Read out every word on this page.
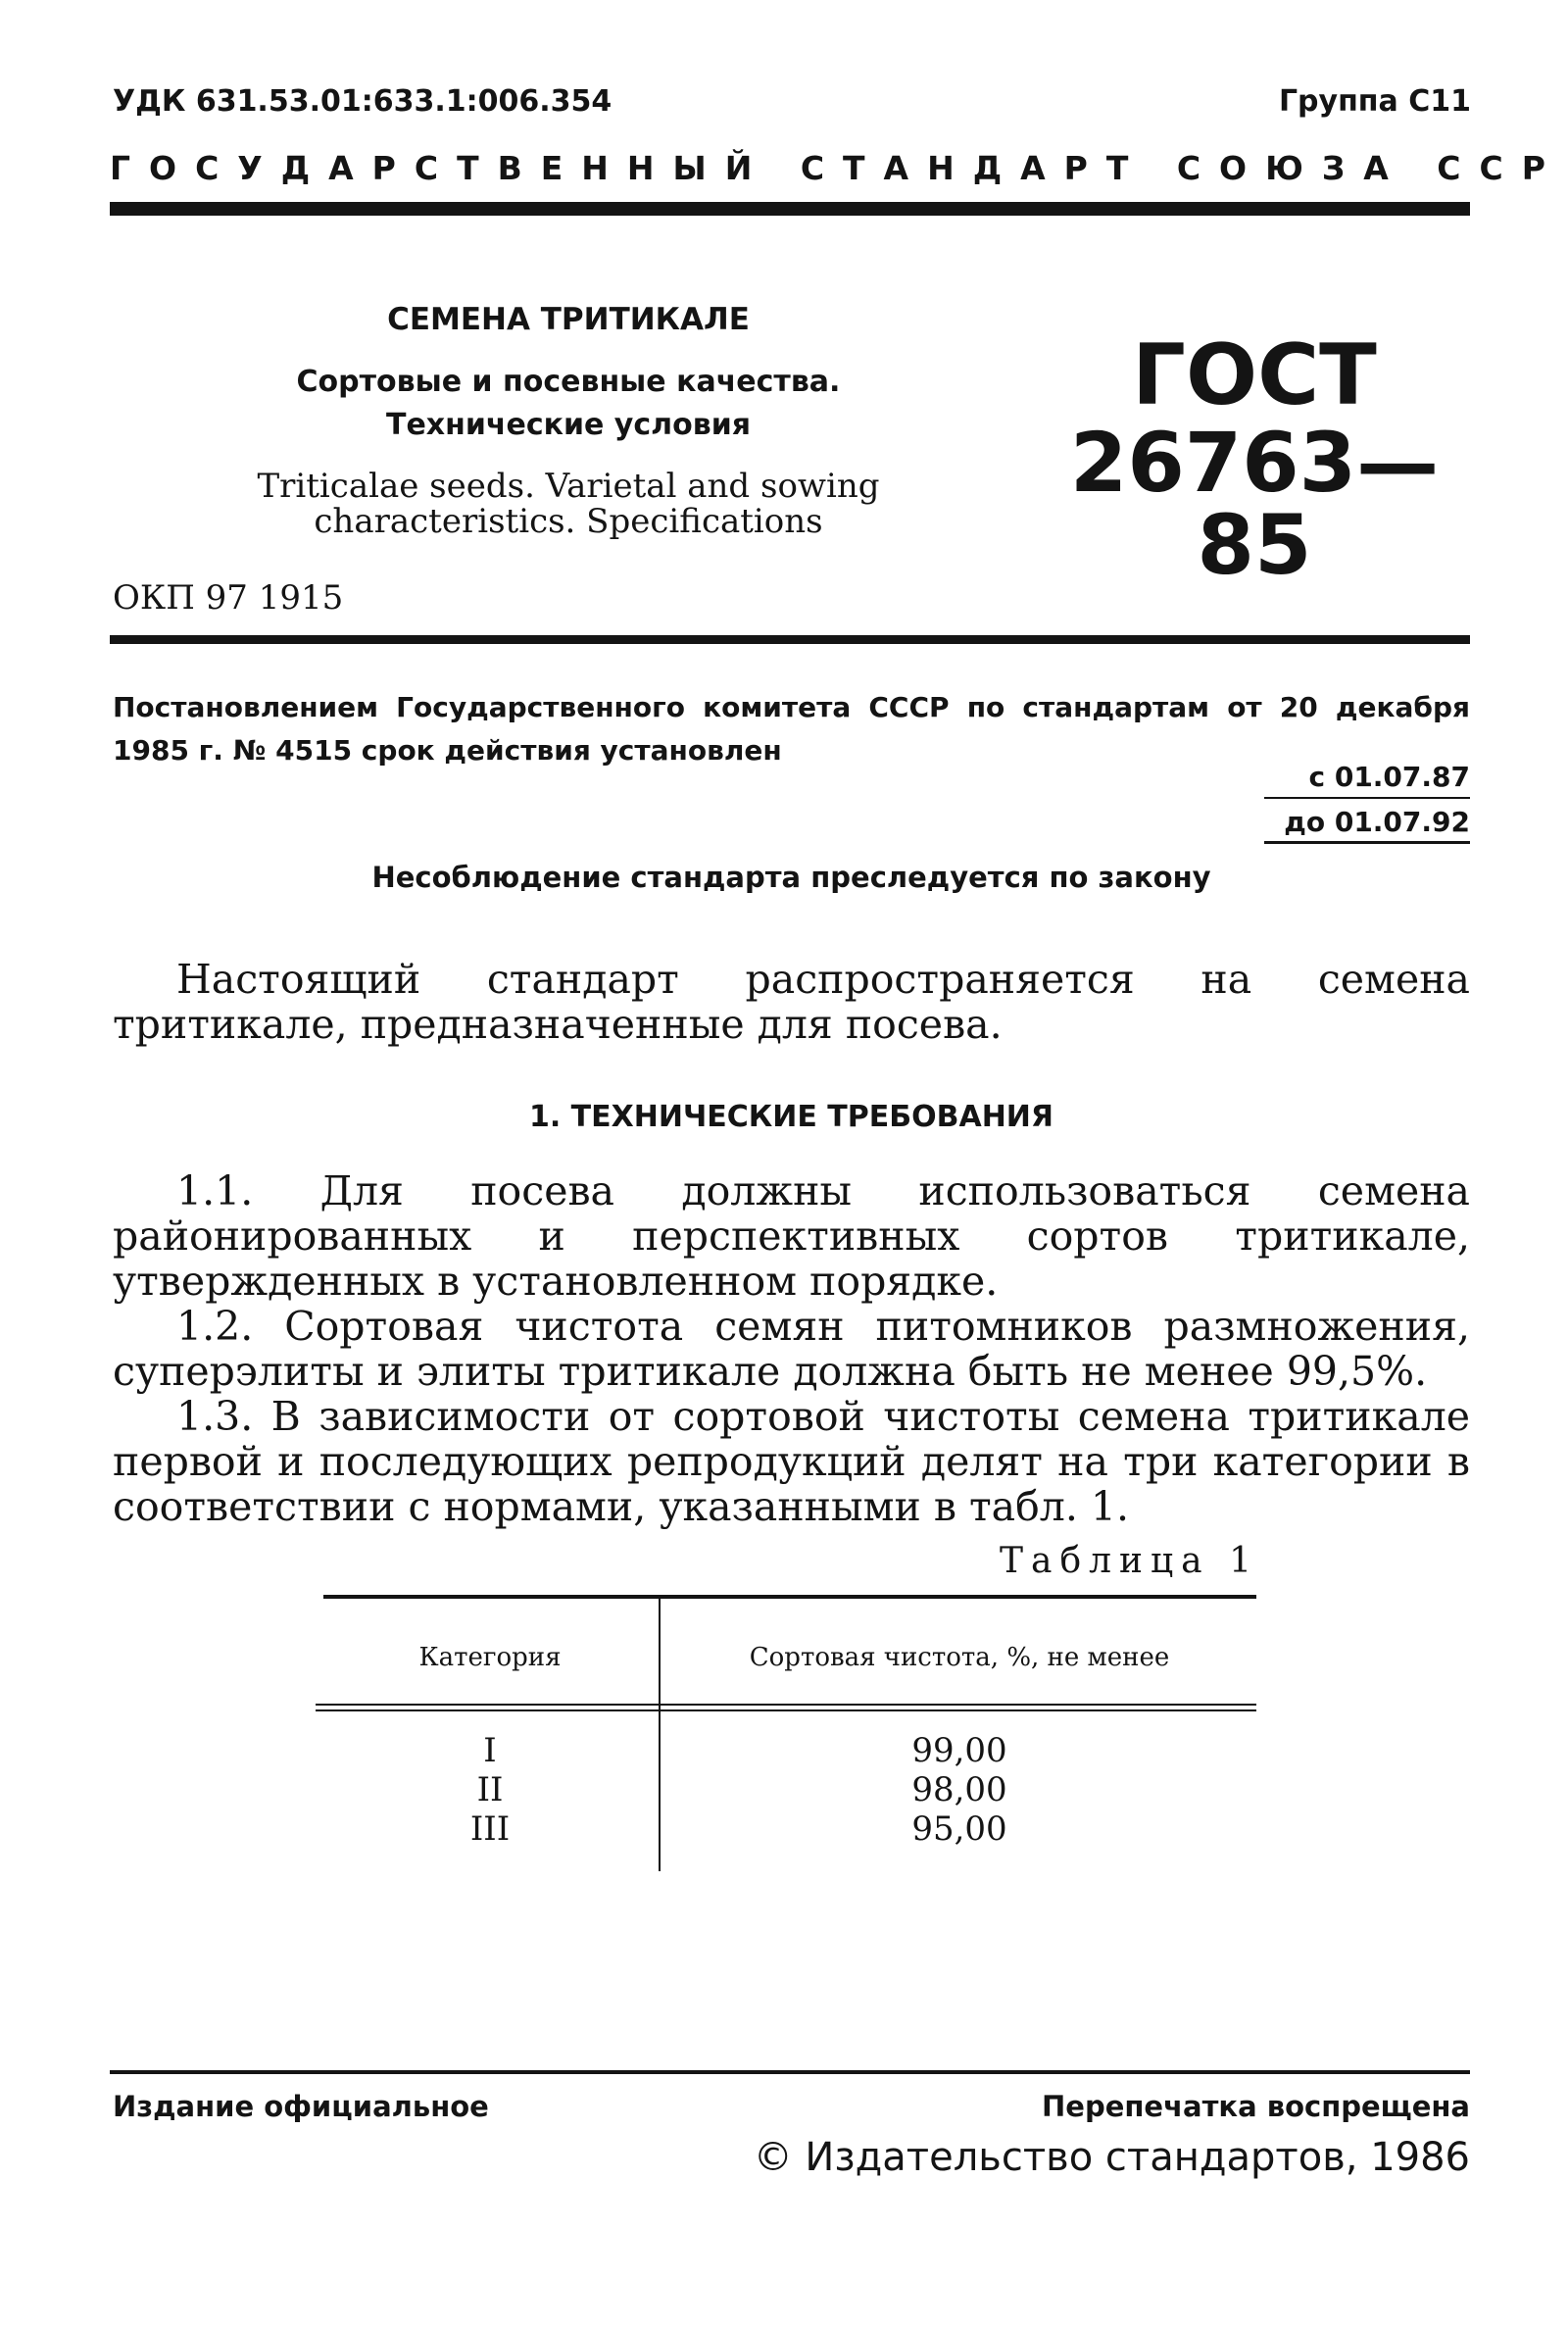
УДК 631.53.01:633.1:006.354	Группа С11
ГОСУДАРСТВЕННЫЙ СТАНДАРТ СОЮЗА ССР
СЕМЕНА ТРИТИКАЛЕ
Сортовые и посевные качества.
Технические условия
Triticalae seeds. Varietal and sowing
characteristics. Specifications
ГОСТ
26763—85
ОКП 97 1915
Постановлением Государственного комитета СССР по стандартам от 20 декабря 1985 г. № 4515 срок действия установлен
с 01.07.87
до 01.07.92
Несоблюдение стандарта преследуется по закону
Настоящий стандарт распространяется на семена тритикале, предназначенные для посева.
1. ТЕХНИЧЕСКИЕ ТРЕБОВАНИЯ
1.1. Для посева должны использоваться семена районированных и перспективных сортов тритикале, утвержденных в установленном порядке.
1.2. Сортовая чистота семян питомников размножения, суперэлиты и элиты тритикале должна быть не менее 99,5%.
1.3. В зависимости от сортовой чистоты семена тритикале первой и последующих репродукций делят на три категории в соответствии с нормами, указанными в табл. 1.
Таблица 1
Категория	Сортовая чистота, %, не менее
I	99,00
II	98,00
III	95,00
Издание официальное	Перепечатка воспрещена
© Издательство стандартов, 1986
